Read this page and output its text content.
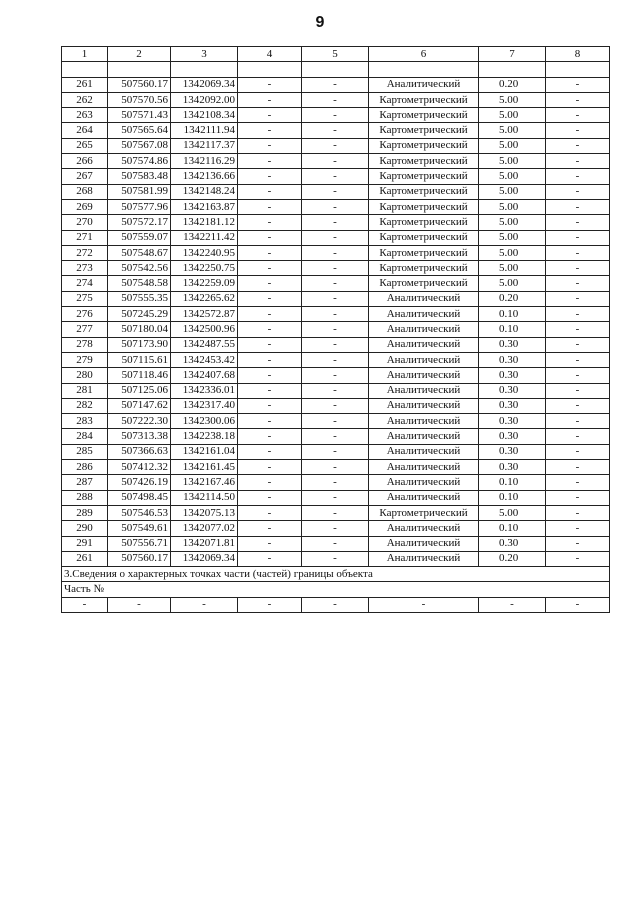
9
1	2	3	4	5	6	7	8

261	507560.17	1342069.34	-	-	Аналитический	0.20	-
262	507570.56	1342092.00	-	-	Картометрический	5.00	-
263	507571.43	1342108.34	-	-	Картометрический	5.00	-
264	507565.64	1342111.94	-	-	Картометрический	5.00	-
265	507567.08	1342117.37	-	-	Картометрический	5.00	-
266	507574.86	1342116.29	-	-	Картометрический	5.00	-
267	507583.48	1342136.66	-	-	Картометрический	5.00	-
268	507581.99	1342148.24	-	-	Картометрический	5.00	-
269	507577.96	1342163.87	-	-	Картометрический	5.00	-
270	507572.17	1342181.12	-	-	Картометрический	5.00	-
271	507559.07	1342211.42	-	-	Картометрический	5.00	-
272	507548.67	1342240.95	-	-	Картометрический	5.00	-
273	507542.56	1342250.75	-	-	Картометрический	5.00	-
274	507548.58	1342259.09	-	-	Картометрический	5.00	-
275	507555.35	1342265.62	-	-	Аналитический	0.20	-
276	507245.29	1342572.87	-	-	Аналитический	0.10	-
277	507180.04	1342500.96	-	-	Аналитический	0.10	-
278	507173.90	1342487.55	-	-	Аналитический	0.30	-
279	507115.61	1342453.42	-	-	Аналитический	0.30	-
280	507118.46	1342407.68	-	-	Аналитический	0.30	-
281	507125.06	1342336.01	-	-	Аналитический	0.30	-
282	507147.62	1342317.40	-	-	Аналитический	0.30	-
283	507222.30	1342300.06	-	-	Аналитический	0.30	-
284	507313.38	1342238.18	-	-	Аналитический	0.30	-
285	507366.63	1342161.04	-	-	Аналитический	0.30	-
286	507412.32	1342161.45	-	-	Аналитический	0.30	-
287	507426.19	1342167.46	-	-	Аналитический	0.10	-
288	507498.45	1342114.50	-	-	Аналитический	0.10	-
289	507546.53	1342075.13	-	-	Картометрический	5.00	-
290	507549.61	1342077.02	-	-	Аналитический	0.10	-
291	507556.71	1342071.81	-	-	Аналитический	0.30	-
261	507560.17	1342069.34	-	-	Аналитический	0.20	-
3.Сведения о характерных точках части (частей) границы объекта							
Часть №							
-	-	-	-	-	-	-	-
